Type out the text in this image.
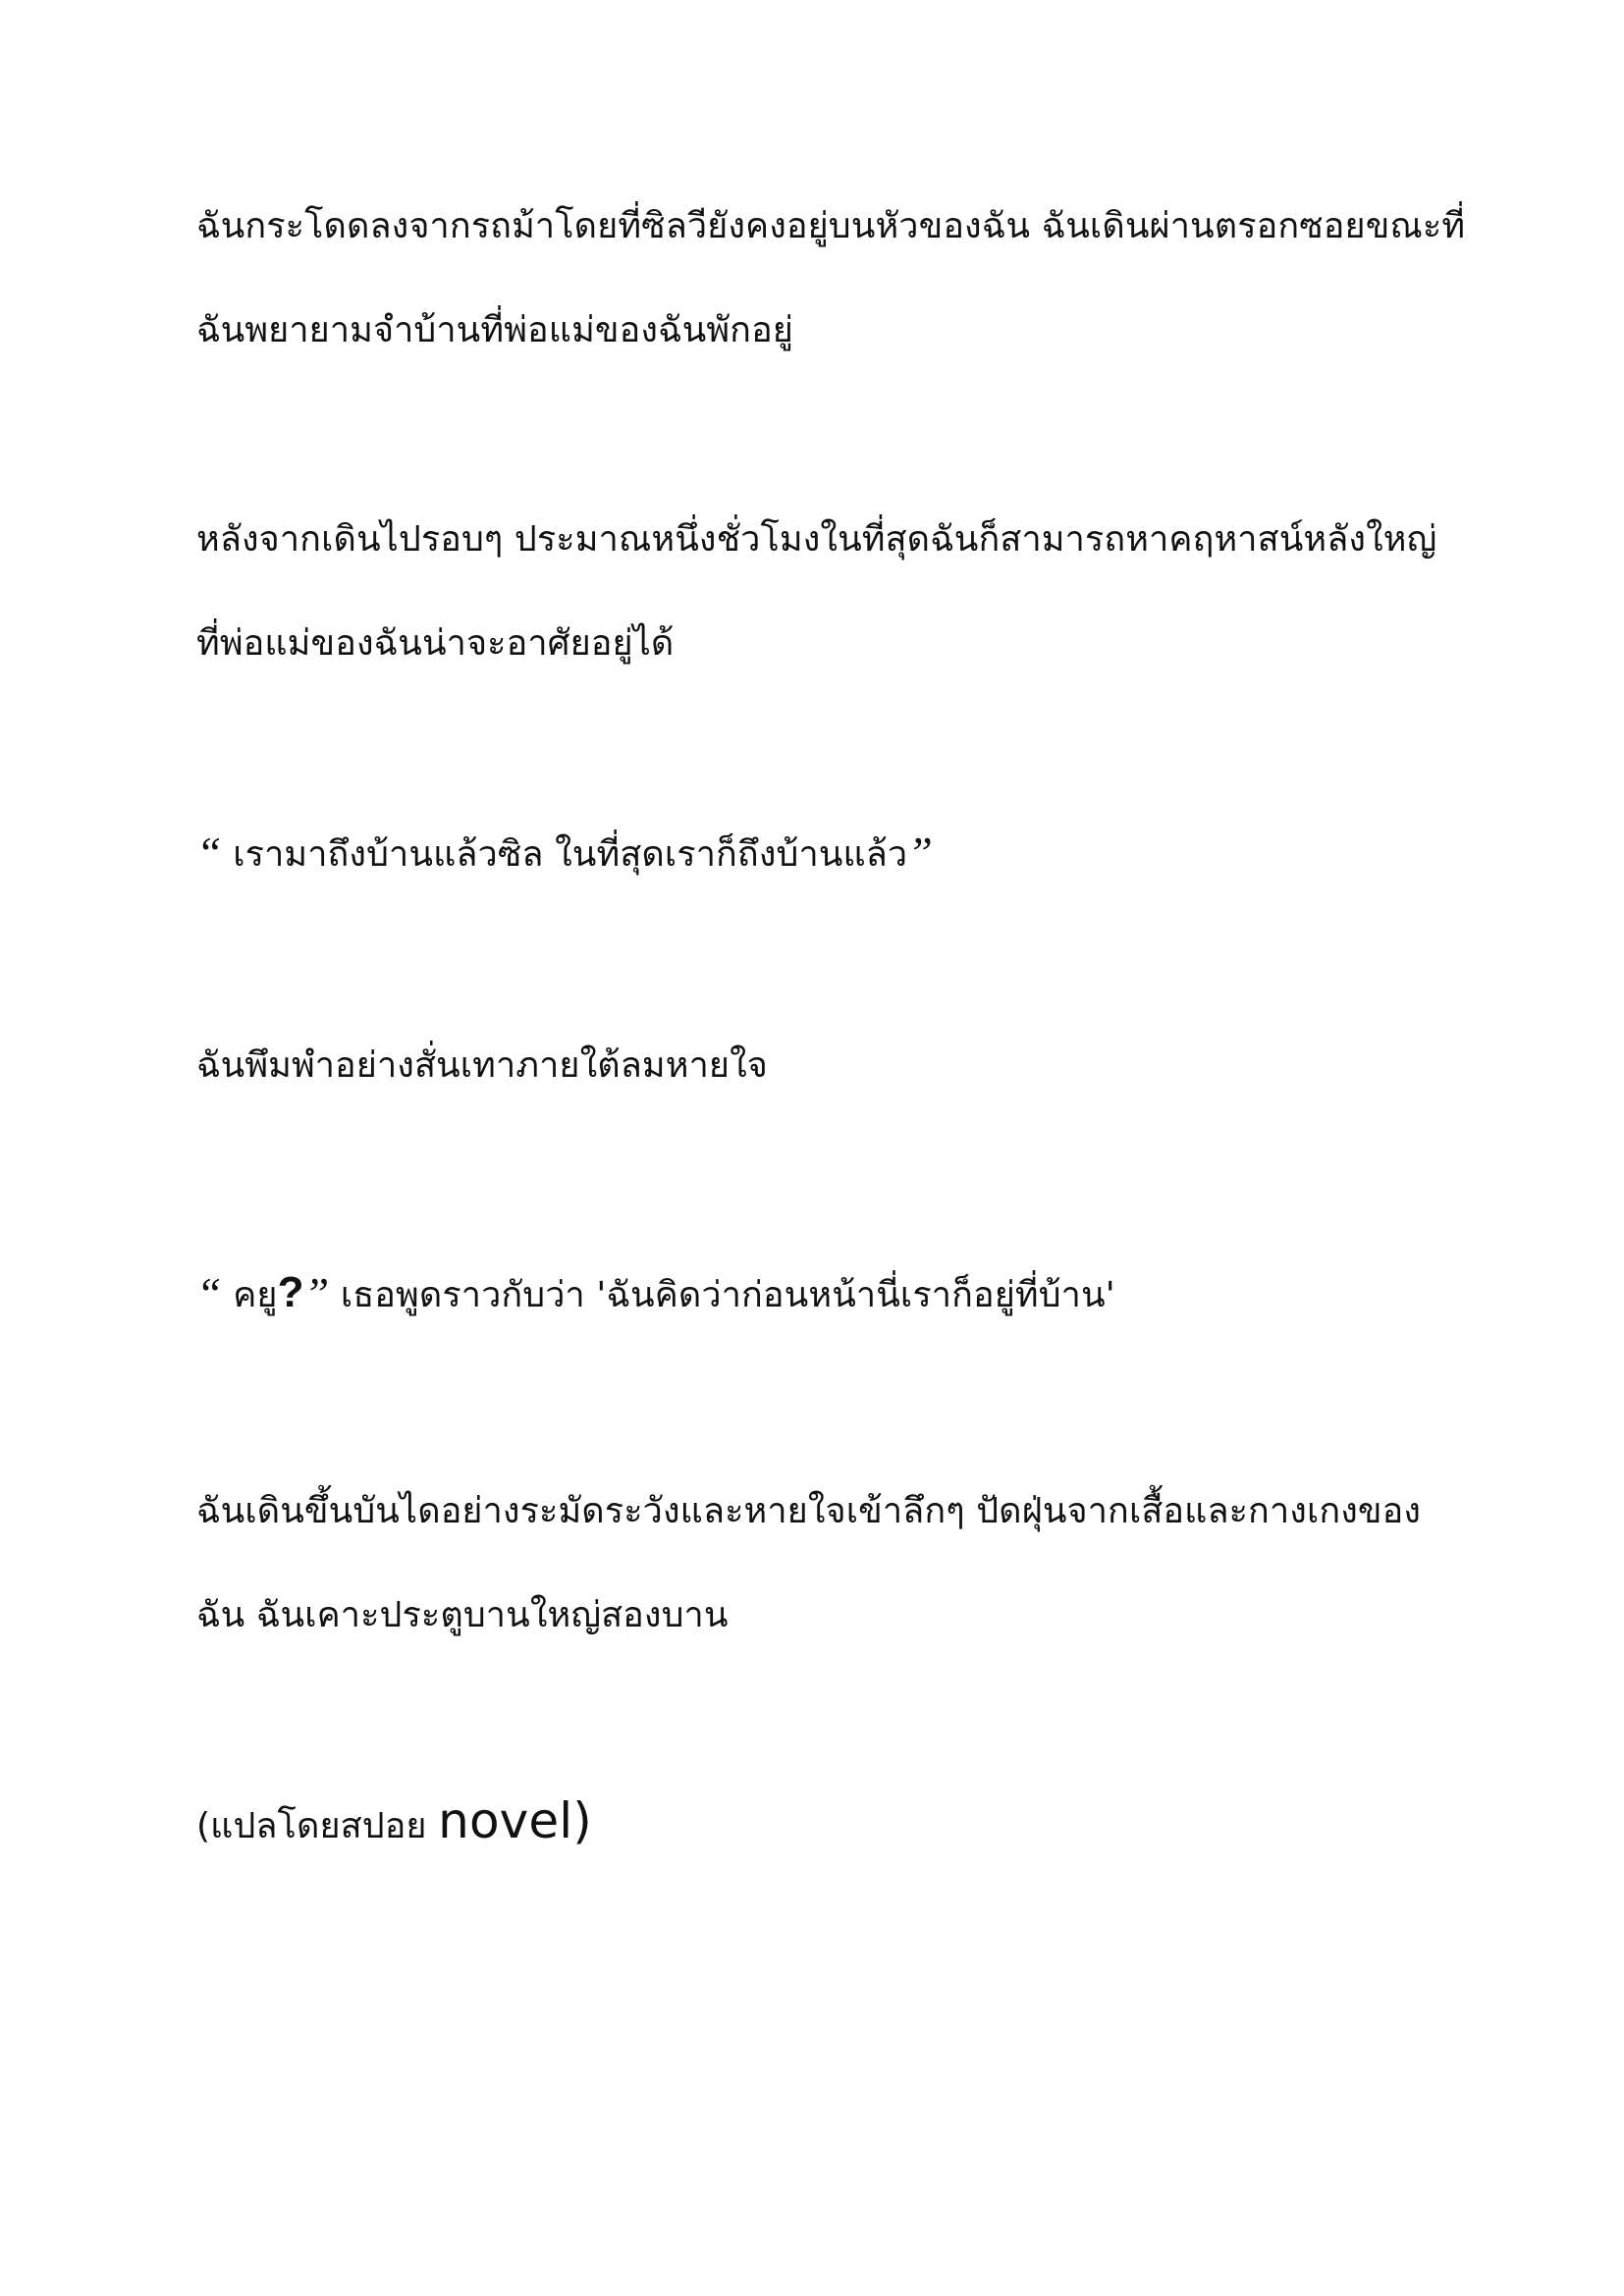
ฉันกระโดดลงจากรถม้าโดยที่ซิลวียังคงอยู่บนหัวของฉัน ฉันเดินผ่านตรอกซอยขณะที่
ฉันพยายามจำบ้านที่พ่อแม่ของฉันพักอยู่

หลังจากเดินไปรอบๆ ประมาณหนึ่งชั่วโมงในที่สุดฉันก็สามารถหาคฤหาสน์หลังใหญ่
ที่พ่อแม่ของฉันน่าจะอาศัยอยู่ได้

“ เรามาถึงบ้านแล้วซิล ในที่สุดเราก็ถึงบ้านแล้ว”

ฉันพึมพำอย่างสั่นเทาภายใต้ลมหายใจ

“ คยู?” เธอพูดราวกับว่า 'ฉันคิดว่าก่อนหน้านี่เราก็อยู่ที่บ้าน'

ฉันเดินขึ้นบันไดอย่างระมัดระวังและหายใจเข้าลึกๆ ปัดฝุ่นจากเสื้อและกางเกงของ
ฉัน ฉันเคาะประตูบานใหญ่สองบาน

(แปลโดยสปอย novel)
